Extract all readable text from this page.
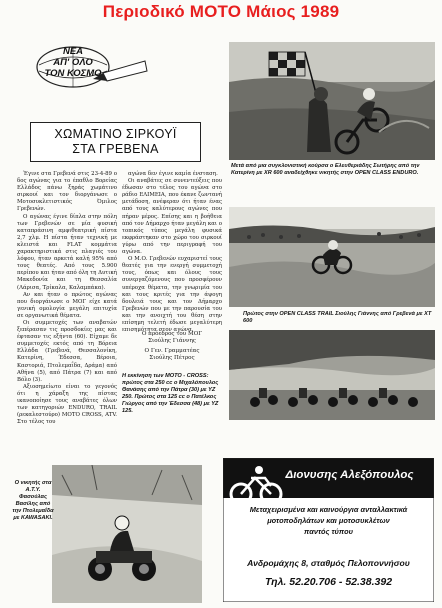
Περιοδικό ΜΟΤΟ Μάιος 1989
ΝΕΑ
ΑΠ' ΟΛΟ
ΤΟΝ ΚΟΣΜΟ
ΧΩΜΑΤΙΝΟ ΣΙΡΚΟΥΪ
ΣΤΑ ΓΡΕΒΕΝΑ

Έγινε στα Γρεβενά στις 23-4-89 ο δος αγώνας για το έπαθλο Βορείας Ελλάδος πάνω ξηράς χωμάτινο σιρκουί και τον διοργάνωσε ο Μοτοσυκλετιστικός Όμιλος Γρεβενών.

Ο αγώνας έγινε δίπλα στην πόλη των Γρεβενών σε μία φυσική καταπράσινη αμφιθεατρική πίστα 2,7 χλμ. Η πίστα ήταν τεχνική με κλειστά και FLAT κομμάτια χαρακτηριστικά στις πλαγιές του λόφου, ήταν αρκετά καλή 95% από τους θεατές. Από τους 5.900 περίπου και ήταν από όλη τη Δυτική Μακεδονία και τη Θεσσαλία (Λάρισα, Τρίκαλα, Καλαμπάκα).

Αν και ήταν ο πρώτος αγώνας που διοργάνωσε ο ΜΟΓ είχε κατά γενική ομολογία μεγάλη επιτυχία σε οργανωτικά θέματα.

Οι συμμετοχές των αναβατών ξεπέρασαν τις προσδοκίες μας και έφτασαν τις εξήντα (60). Είχαμε δε συμμετοχές εκτός από τη Βόρεια Ελλάδα (Γρεβενά, Θεσσαλονίκη, Κατερίνη, Έδεσσα, Βέροια, Καστοριά, Πτολεμαΐδα, Δράμα) από Αθήνα (5), από Πάτρα (7) και από Βόλο (3).

Αξιοσημείωτο είναι το γεγονός ότι η χάραξη της πίστας ικανοποίησε τους αναβάτες όλων των κατηγοριών ENDURO, TRAIL (ρεκαλεστούρο) MOTO CROSS, ATV. Στο τέλος του

αγώνα δεν έγινε καμία ένσταση.

Οι αναβάτες σε συνεντεύξεις που έδωσαν στο τέλος του αγώνα στο ράδιο ΕΛΙΜΕΙΑ, που έκανε ζωντανή μετάδοση, ανέφεραν ότι ήταν ένας από τους καλύτερους αγώνες που πήραν μέρος. Επίσης και η βοήθεια από τον Δήμαρχο ήταν μεγάλη και ο τοπικός τύπος μεγάλη φυσικά εκφράστηκαν στο χώρο του σιρκουί γύρω από την περιγραφή του αγώνα.

Ο Μ.Ο. Γρεβενών ευχαριστεί τους θεατές για την ενεργή συμμετοχή τους, όπως και όλους τους συνεργαζόμενους που προσφέρουν υπέροχα θέματα, την γνωριμία του και τους κριτές για την άψογη δουλειά τους και τον Δήμαρχο Γρεβενών που με την παρουσία του και την ανοιχτή του θέση στην επίσημη τελετή έδωσε μεγαλύτερη επισημότητα στον αγώνα.

Ο πρόεδρος του ΜΟΓ
Σιούλης Γιάννης
Ο Γεν. Γραμματέας
Σιούλης Πέτρος
Μετά από μια συγκλονιστική κούρσα ο Ελευθεριάδης Σωτήρης από την Κατερίνη με XR 600 αναδείχθηκε νικητής στην OPEN CLASS ENDURO.
Πρώτος στην OPEN CLASS TRAIL Σιούλης Γιάννης από Γρεβενά με XT 600
Η εκκίνηση των MOTO - CROSS: πρώτος στα 250 cc ο Μιχαλόπουλος Θανάσης από την Πάτρα (30) με YZ 250. Πρώτος στα 125 cc ο Πατέλκος Γιώργος από την Έδεσσα (48) με YZ 125.
Ο νικητής στα Α.Τ.Υ. Φασούλας Βασίλης από την Πτολεμαΐδα με KAWASAKI.
Διονυσης Αλεξόπουλος
Μεταχειρισμένα και καινούργια ανταλλακτικά
μοτοποδηλάτων και μοτοσυκλέτων
παντός τύπου
Ανδρομάχης 8, σταθμός Πελοποννήσου
Τηλ. 52.20.706 - 52.38.392
